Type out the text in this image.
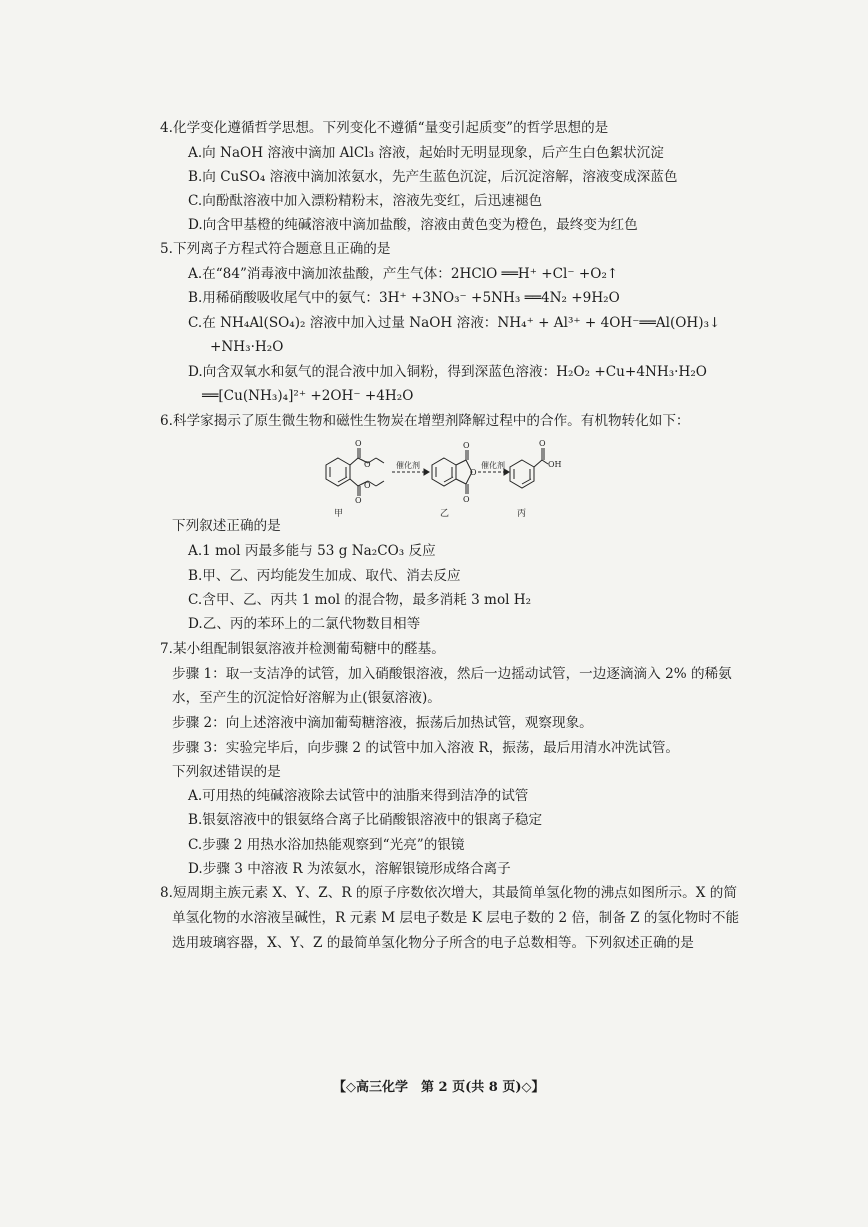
4.化学变化遵循哲学思想。下列变化不遵循“量变引起质变”的哲学思想的是
A.向 NaOH 溶液中滴加 AlCl₃ 溶液，起始时无明显现象，后产生白色絮状沉淀
B.向 CuSO₄ 溶液中滴加浓氨水，先产生蓝色沉淀，后沉淀溶解，溶液变成深蓝色
C.向酚酞溶液中加入漂粉精粉末，溶液先变红，后迅速褪色
D.向含甲基橙的纯碱溶液中滴加盐酸，溶液由黄色变为橙色，最终变为红色
5.下列离子方程式符合题意且正确的是
A.在“84”消毒液中滴加浓盐酸，产生气体：2HClO ══H⁺ +Cl⁻ +O₂↑
B.用稀硝酸吸收尾气中的氨气：3H⁺ +3NO₃⁻ +5NH₃ ══4N₂ +9H₂O
C.在 NH₄Al(SO₄)₂ 溶液中加入过量 NaOH 溶液：NH₄⁺ + Al³⁺ + 4OH⁻══Al(OH)₃↓
+NH₃·H₂O
D.向含双氧水和氨气的混合液中加入铜粉，得到深蓝色溶液：H₂O₂ +Cu+4NH₃·H₂O
══[Cu(NH₃)₄]²⁺ +2OH⁻ +4H₂O
6.科学家揭示了原生微生物和磁性生物炭在增塑剂降解过程中的合作。有机物转化如下：
O
O
O
O
O
O
O
O
OH
催化剂	催化剂
甲	乙	丙
下列叙述正确的是
A.1 mol 丙最多能与 53 g Na₂CO₃ 反应
B.甲、乙、丙均能发生加成、取代、消去反应
C.含甲、乙、丙共 1 mol 的混合物，最多消耗 3 mol H₂
D.乙、丙的苯环上的二氯代物数目相等
7.某小组配制银氨溶液并检测葡萄糖中的醛基。
步骤 1：取一支洁净的试管，加入硝酸银溶液，然后一边摇动试管，一边逐滴滴入 2% 的稀氨
水，至产生的沉淀恰好溶解为止(银氨溶液)。
步骤 2：向上述溶液中滴加葡萄糖溶液，振荡后加热试管，观察现象。
步骤 3：实验完毕后，向步骤 2 的试管中加入溶液 R，振荡，最后用清水冲洗试管。
下列叙述错误的是
A.可用热的纯碱溶液除去试管中的油脂来得到洁净的试管
B.银氨溶液中的银氨络合离子比硝酸银溶液中的银离子稳定
C.步骤 2 用热水浴加热能观察到“光亮”的银镜
D.步骤 3 中溶液 R 为浓氨水，溶解银镜形成络合离子
8.短周期主族元素 X、Y、Z、R 的原子序数依次增大，其最简单氢化物的沸点如图所示。X 的简
单氢化物的水溶液呈碱性，R 元素 M 层电子数是 K 层电子数的 2 倍，制备 Z 的氢化物时不能
选用玻璃容器，X、Y、Z 的最简单氢化物分子所含的电子总数相等。下列叙述正确的是
【◇高三化学　第 2 页(共 8 页)◇】
